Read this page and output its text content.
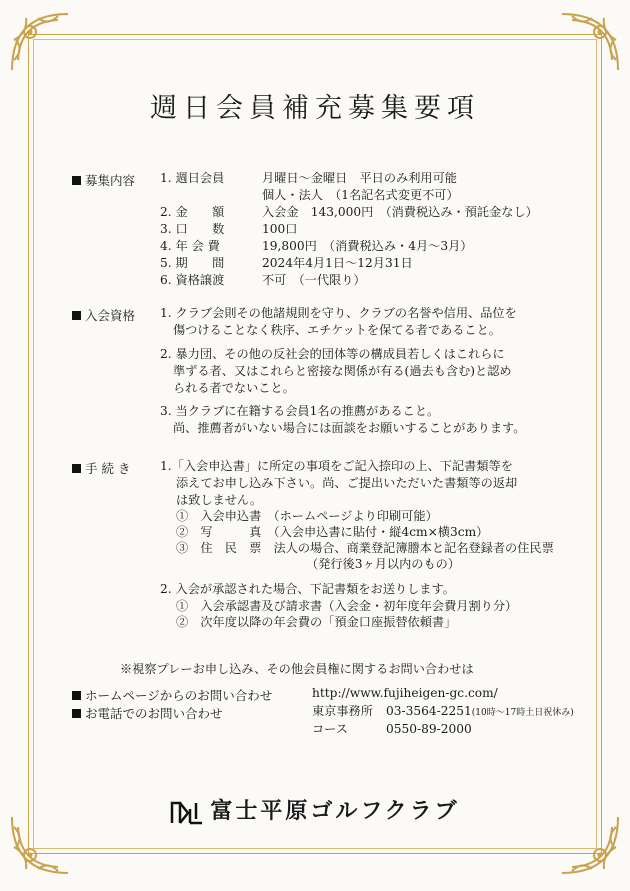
週日会員補充募集要項
募集内容 1. 週日会員	月曜日～金曜日　平日のみ利用可能
個人・法人　（1名記名式変更不可）
2. 金　　額	入会金　143,000円　（消費税込み・預託金なし）
3. 口　　数	100口
4. 年 会 費	19,800円　（消費税込み・4月～3月）
5. 期　　間	2024年4月1日～12月31日
6. 資格譲渡	不可　（一代限り）
入会資格 1. クラブ会則その他諸規則を守り、クラブの名誉や信用、品位を
傷つけることなく秩序、エチケットを保てる者であること。
2. 暴力団、その他の反社会的団体等の構成員若しくはこれらに
準ずる者、又はこれらと密接な関係が有る(過去も含む)と認め
られる者でないこと。
3. 当クラブに在籍する会員1名の推薦があること。
尚、推薦者がいない場合には面談をお願いすることがあります。
手 続 き 1.「入会申込書」に所定の事項をご記入捺印の上、下記書類等を
添えてお申し込み下さい。尚、ご提出いただいた書類等の返却
は致しません。
①　入会申込書　（ホームページより印刷可能）
②　写　　　真　（入会申込書に貼付・縦4cm×横3cm）
③　住　民　票　法人の場合、商業登記簿謄本と記名登録者の住民票
（発行後3ヶ月以内のもの）
2. 入会が承認された場合、下記書類をお送りします。
①　入会承認書及び請求書（入会金・初年度年会費月割り分）
②　次年度以降の年会費の「預金口座振替依頼書」
※視察プレーお申し込み、その他会員権に関するお問い合わせは
ホームページからのお問い合わせ	http://www.fujiheigen-gc.com/
お電話でのお問い合わせ	東京事務所 03-3564-2251(10時～17時土日祝休み)
コース	0550-89-2000
富士平原ゴルフクラブ
